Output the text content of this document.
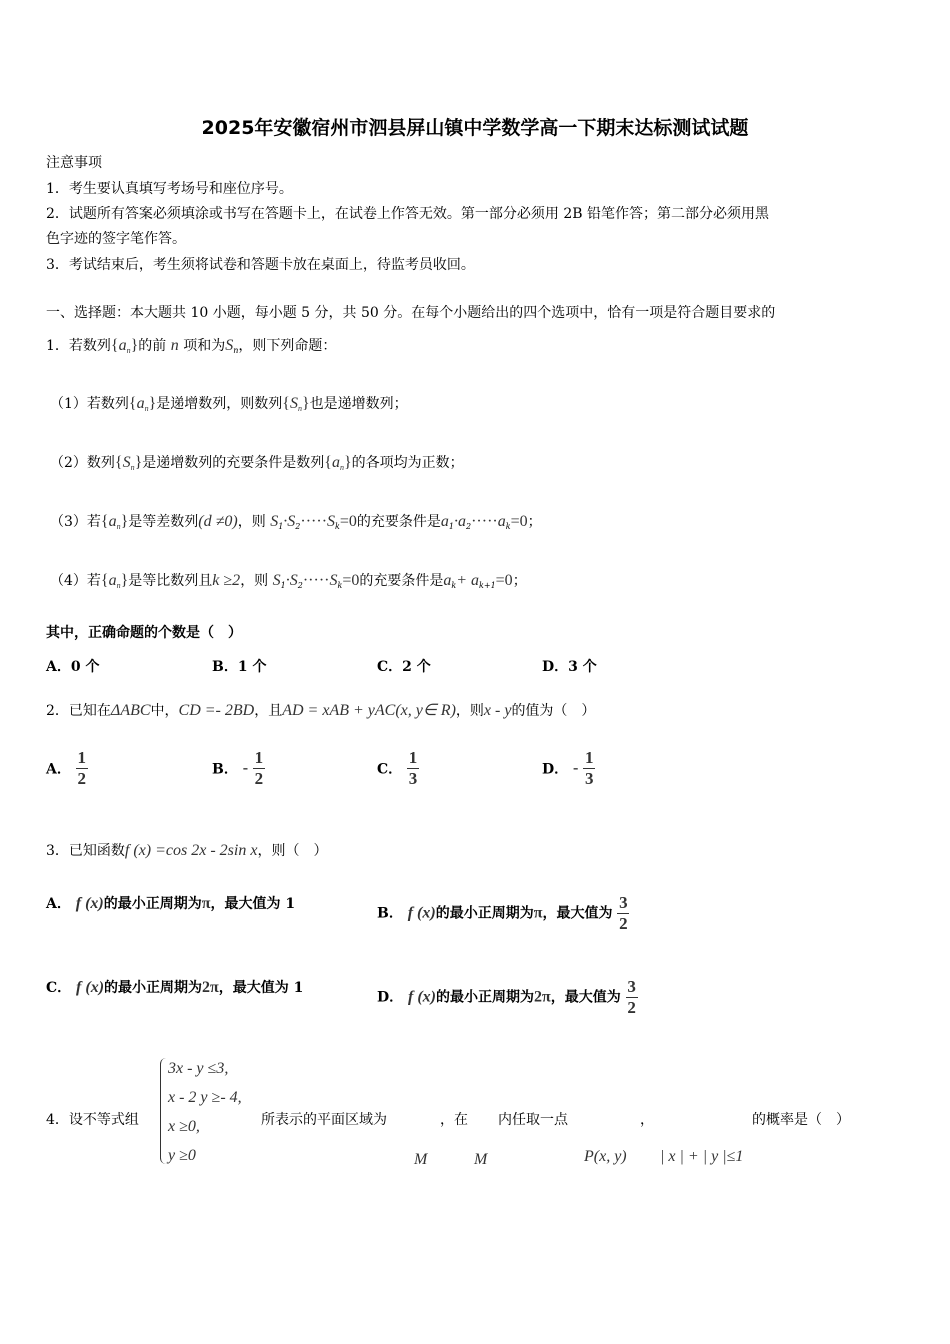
2025年安徽宿州市泗县屏山镇中学数学高一下期末达标测试试题
注意事项
1．考生要认真填写考场号和座位序号。
2．试题所有答案必须填涂或书写在答题卡上，在试卷上作答无效。第一部分必须用 2B 铅笔作答；第二部分必须用黑
色字迹的签字笔作答。
3．考试结束后，考生须将试卷和答题卡放在桌面上，待监考员收回。
一、选择题：本大题共 10 小题，每小题 5 分，共 50 分。在每个小题给出的四个选项中，恰有一项是符合题目要求的
1．若数列$\{a_n\}$的前 n 项和为$S_n$，则下列命题：
（1）若数列$\{a_n\}$是递增数列，则数列$\{S_n\}$也是递增数列；
（2）数列$\{S_n\}$是递增数列的充要条件是数列$\{a_n\}$的各项均为正数；
（3）若$\{a_n\}$是等差数列(d ≠0)，则 $S_1\cdot S_2\cdot\cdot\cdot\cdot\cdot S_k=0$的充要条件是$a_1\cdot a_2\cdot\cdot\cdot\cdot\cdot a_k=0$；
（4）若$\{a_n\}$是等比数列且k ≥2，则 $S_1\cdot S_2\cdot\cdot\cdot\cdot\cdot S_k=0$的充要条件是$a_k+ a_{k+1}=0$；
其中，正确命题的个数是（　）
A．0 个	B．1 个	C．2 个	D．3 个
2．已知在ΔABC中，CD =- 2BD，且AD = xAB + yAC(x, y∈ R)，则x - y的值为（　）
A． $\frac{1}{2}$	B． - $\frac{1}{2}$	C． $\frac{1}{3}$	D． - $\frac{1}{3}$
3．已知函数f (x) =cos 2x - 2sin x，则（　）
A． f (x)的最小正周期为π，最大值为 1
B． f (x)的最小正周期为π，最大值为 $\frac{3}{2}$
C． f (x)的最小正周期为2π，最大值为 1
D． f (x)的最小正周期为2π，最大值为 $\frac{3}{2}$
4．设不等式组
3x - y ≤3,
x - 2 y ≥- 4,
x ≥0,
y ≥0
所表示的平面区域为	，在 内任取一点	，	的概率是（　）
M	M	P(x, y) | x | + | y |≤1
